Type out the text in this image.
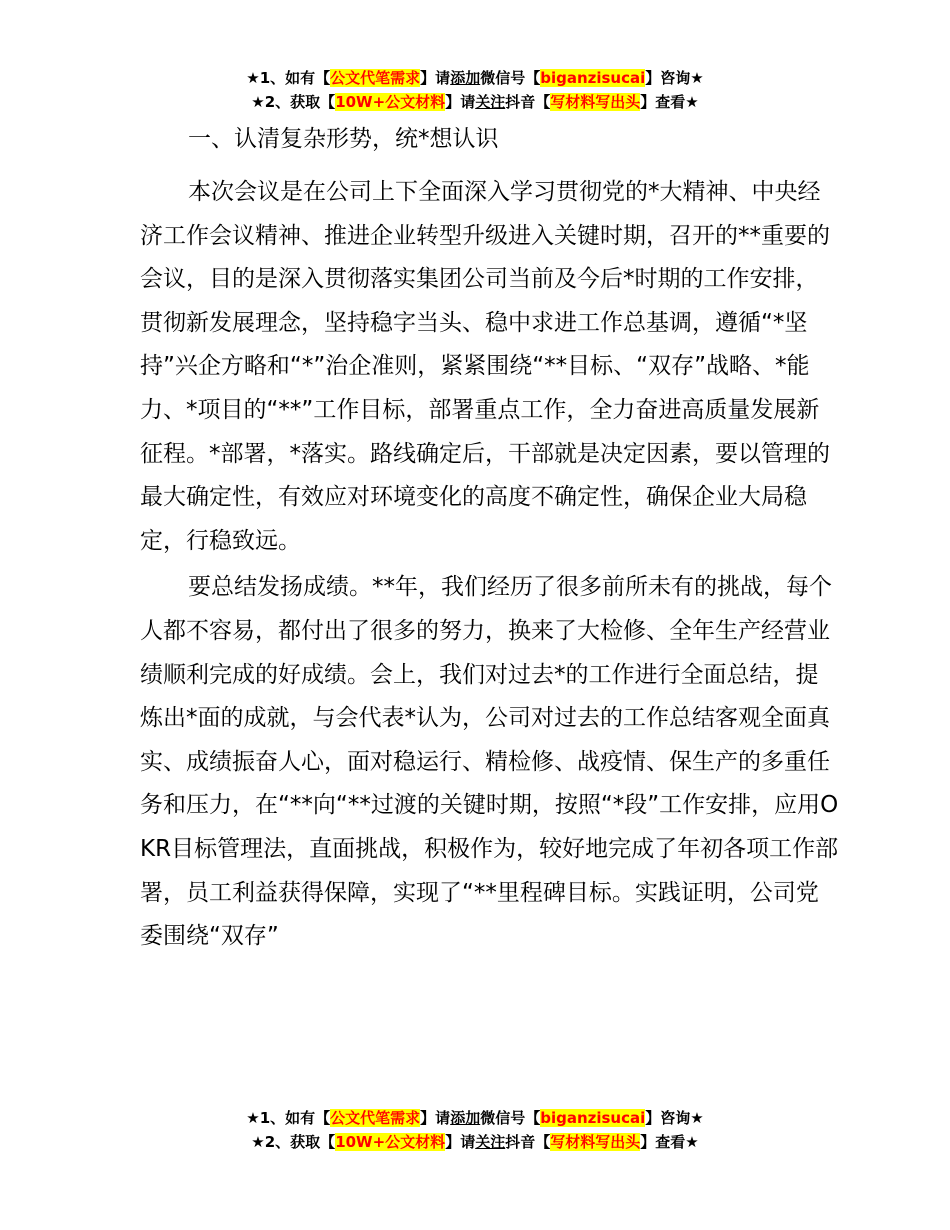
★1、如有【公文代笔需求】请添加微信号【biganzisucai】咨询★
★2、获取【10W+公文材料】请关注抖音【写材料写出头】查看★
一、认清复杂形势，统*想认识

本次会议是在公司上下全面深入学习贯彻党的*大精神、中央经济工作会议精神、推进企业转型升级进入关键时期，召开的**重要的会议，目的是深入贯彻落实集团公司当前及今后*时期的工作安排，贯彻新发展理念，坚持稳字当头、稳中求进工作总基调，遵循“*坚持”兴企方略和“*”治企准则，紧紧围绕“**目标、“双存”战略、*能力、*项目的“**”工作目标，部署重点工作，全力奋进高质量发展新征程。*部署，*落实。路线确定后，干部就是决定因素，要以管理的最大确定性，有效应对环境变化的高度不确定性，确保企业大局稳定，行稳致远。

要总结发扬成绩。**年，我们经历了很多前所未有的挑战，每个人都不容易，都付出了很多的努力，换来了大检修、全年生产经营业绩顺利完成的好成绩。会上，我们对过去*的工作进行全面总结，提炼出*面的成就，与会代表*认为，公司对过去的工作总结客观全面真实、成绩振奋人心，面对稳运行、精检修、战疫情、保生产的多重任务和压力，在“**向“**过渡的关键时期，按照“*段”工作安排，应用OKR目标管理法，直面挑战，积极作为，较好地完成了年初各项工作部署，员工利益获得保障，实现了“**里程碑目标。实践证明，公司党委围绕“双存”

★1、如有【公文代笔需求】请添加微信号【biganzisucai】咨询★
★2、获取【10W+公文材料】请关注抖音【写材料写出头】查看★
